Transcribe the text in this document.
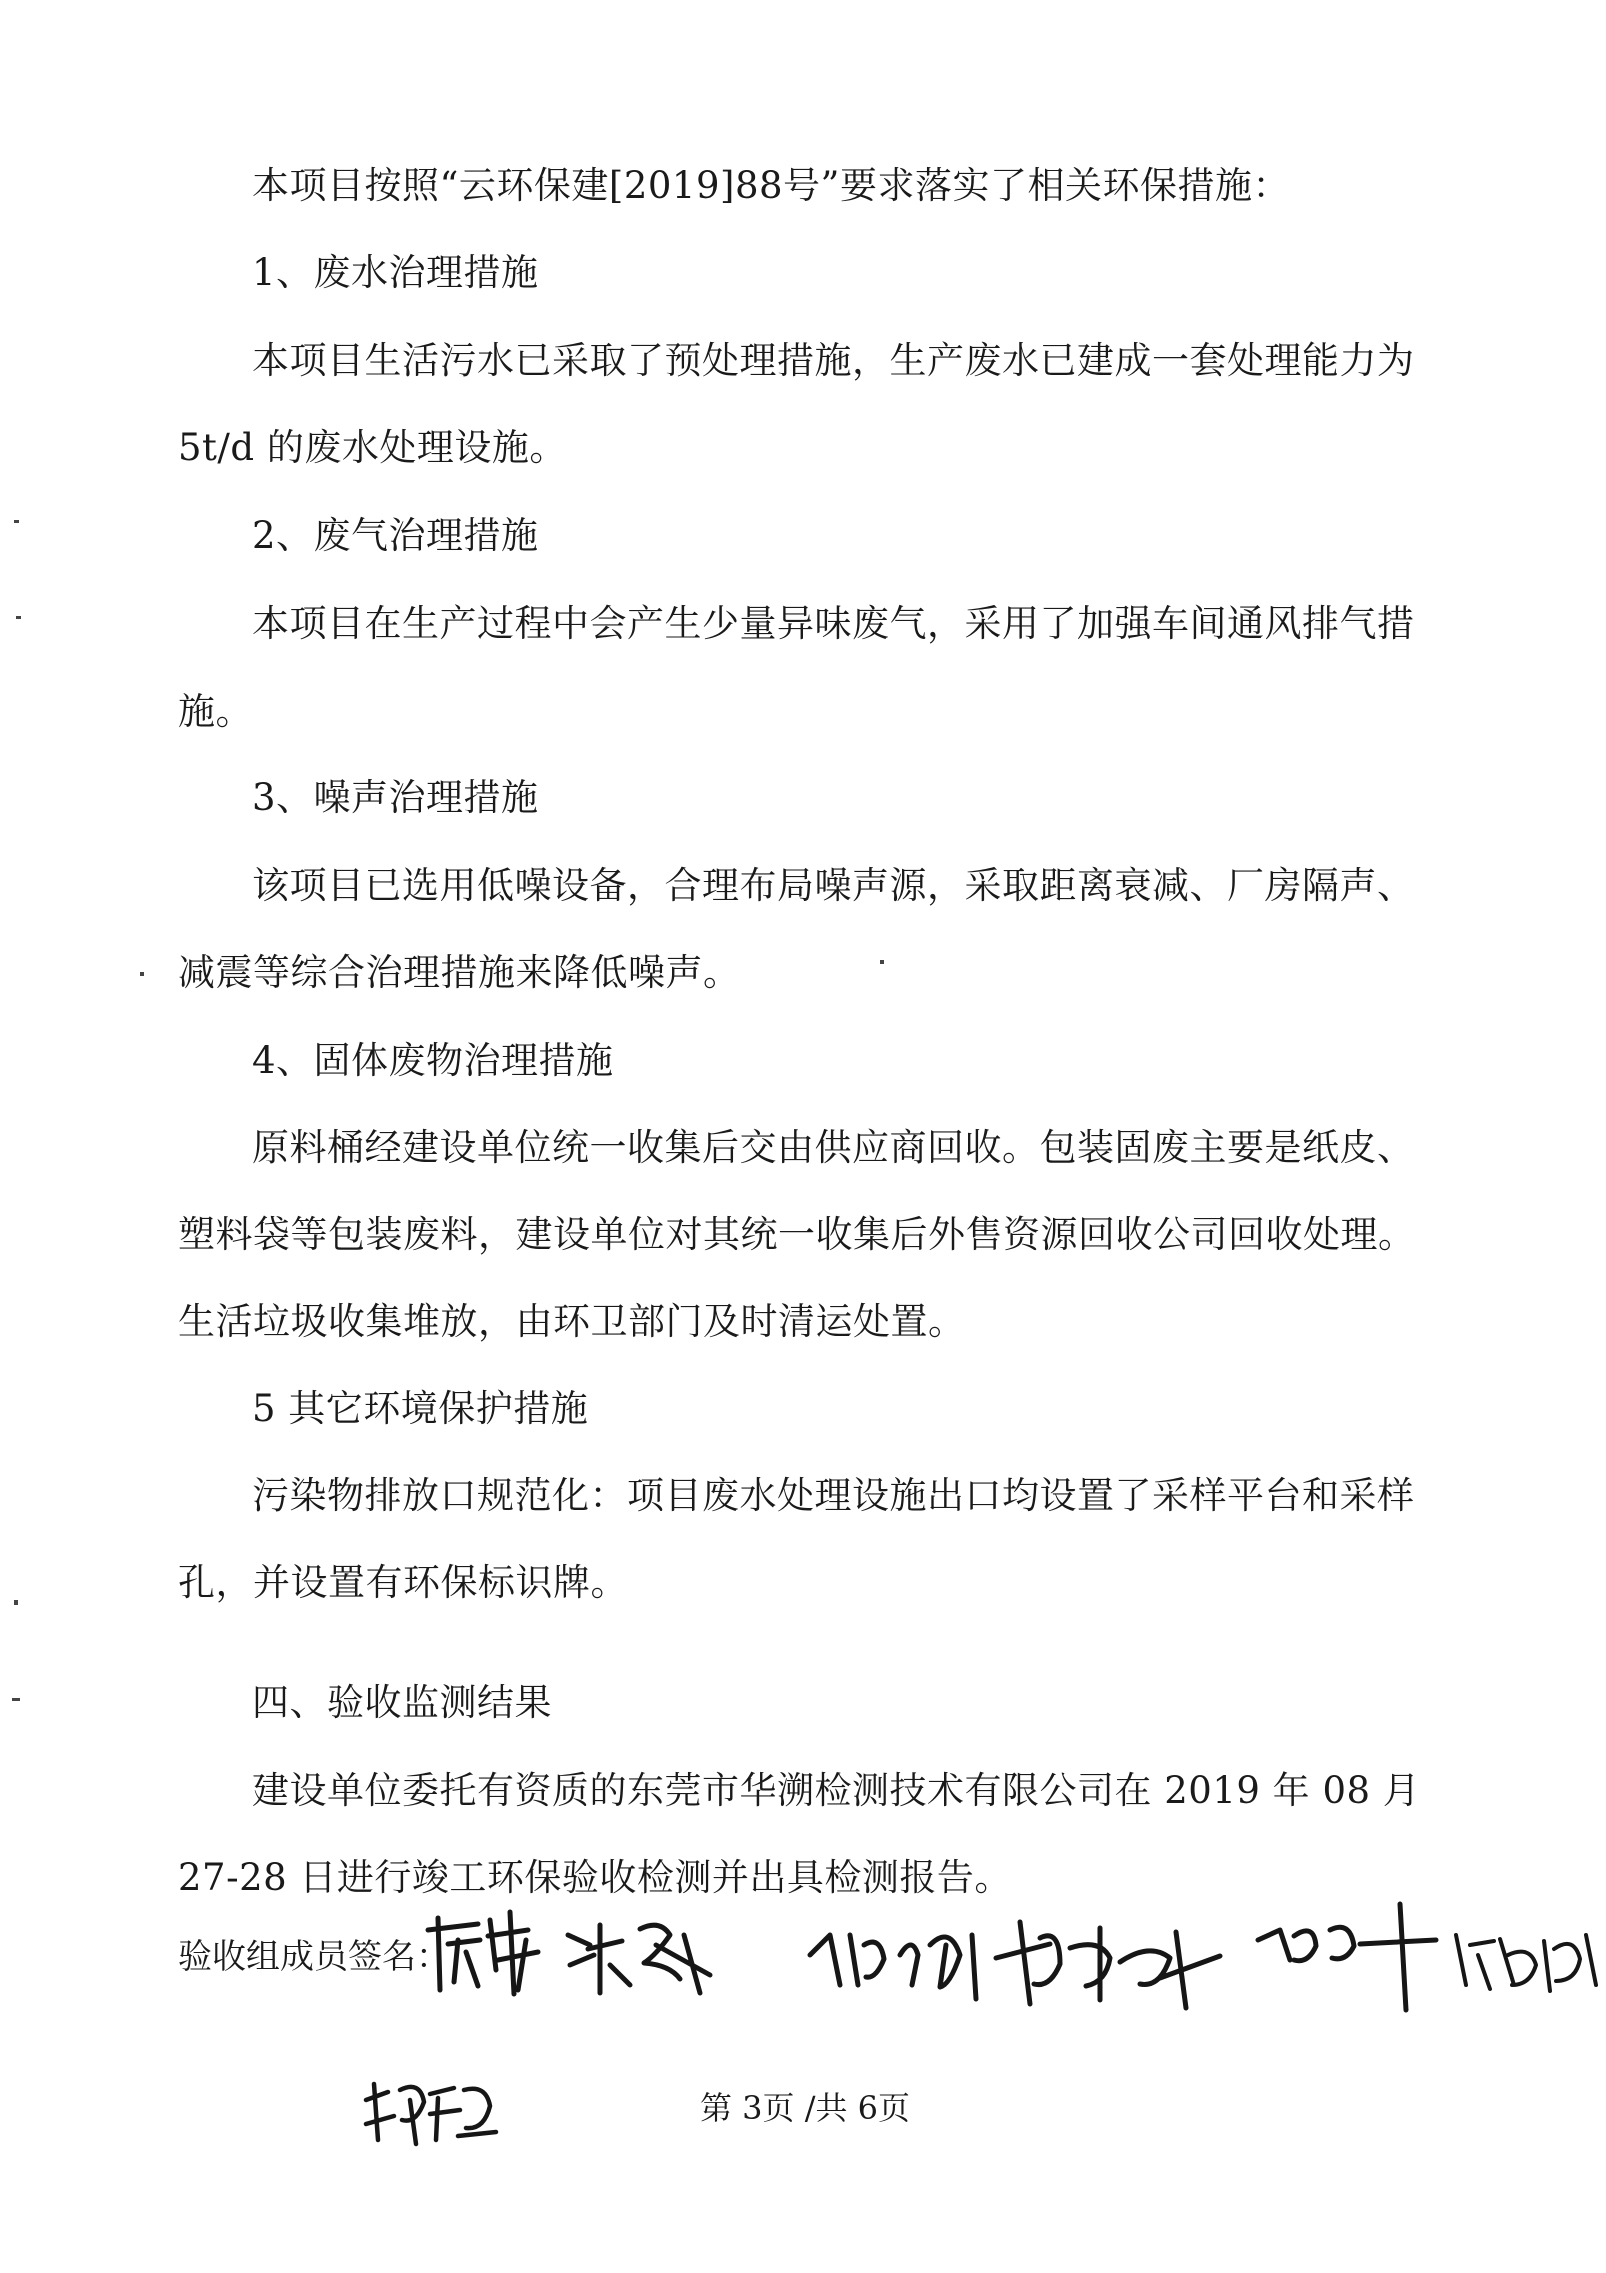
本项目按照“云环保建[2019]88号”要求落实了相关环保措施：
1、废水治理措施
本项目生活污水已采取了预处理措施，生产废水已建成一套处理能力为
5t/d 的废水处理设施。
2、废气治理措施
本项目在生产过程中会产生少量异味废气，采用了加强车间通风排气措
施。
3、噪声治理措施
该项目已选用低噪设备，合理布局噪声源，采取距离衰减、厂房隔声、
减震等综合治理措施来降低噪声。
4、固体废物治理措施
原料桶经建设单位统一收集后交由供应商回收。包装固废主要是纸皮、
塑料袋等包装废料，建设单位对其统一收集后外售资源回收公司回收处理。
生活垃圾收集堆放，由环卫部门及时清运处置。
5 其它环境保护措施
污染物排放口规范化：项目废水处理设施出口均设置了采样平台和采样
孔，并设置有环保标识牌。
四、验收监测结果
建设单位委托有资质的东莞市华溯检测技术有限公司在 2019 年 08 月
27-28 日进行竣工环保验收检测并出具检测报告。
验收组成员签名：
第 3页 /共 6页
